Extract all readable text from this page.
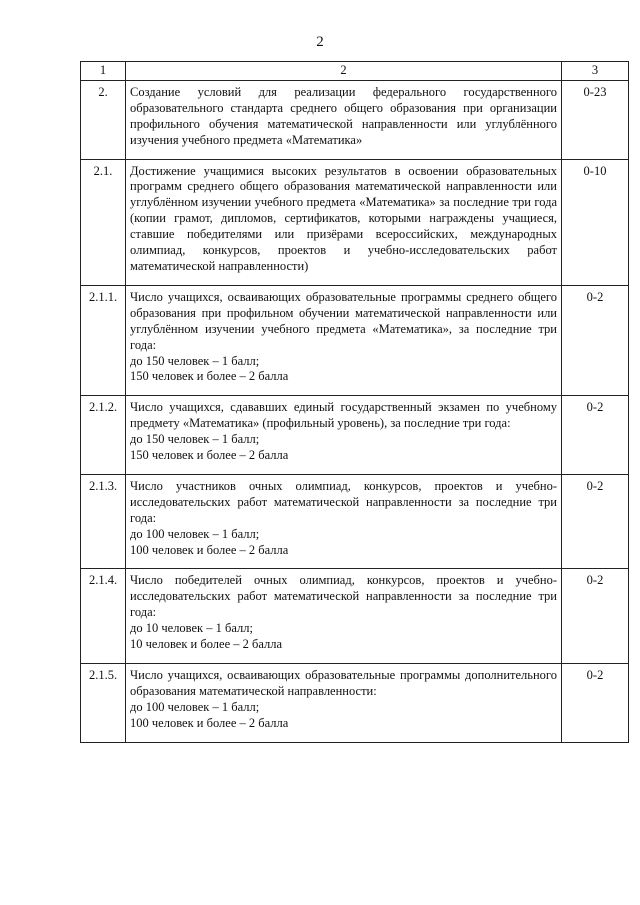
2
1	2	3
2.	Создание условий для реализации федерального государственного образовательного стандарта среднего общего образования при организации профильного обучения математической направленности или углублённого изучения учебного предмета «Математика»	0-23
2.1.	Достижение учащимися высоких результатов в освоении образовательных программ среднего общего образования математической направленности или углублённом изучении учебного предмета «Математика» за последние три года (копии грамот, дипломов, сертификатов, которыми награждены учащиеся, ставшие победителями или призёрами всероссийских, международных олимпиад, конкурсов, проектов и учебно-исследовательских работ математической направленности)	0-10
2.1.1.	Число учащихся, осваивающих образовательные программы среднего общего образования при профильном обучении математической направленности или углублённом изучении учебного предмета «Математика», за последние три года:
до 150 человек – 1 балл;
150 человек и более – 2 балла	0-2
2.1.2.	Число учащихся, сдававших единый государственный экзамен по учебному предмету «Математика» (профильный уровень), за последние три года:
до 150 человек – 1 балл;
150 человек и более – 2 балла	0-2
2.1.3.	Число участников очных олимпиад, конкурсов, проектов и учебно-исследовательских работ математической направленности за последние три года:
до 100 человек – 1 балл;
100 человек и более – 2 балла	0-2
2.1.4.	Число победителей очных олимпиад, конкурсов, проектов и учебно-исследовательских работ математической направленности за последние три года:
до 10 человек – 1 балл;
10 человек и более – 2 балла	0-2
2.1.5.	Число учащихся, осваивающих образовательные программы дополнительного образования математической направленности:
до 100 человек – 1 балл;
100 человек и более – 2 балла	0-2
